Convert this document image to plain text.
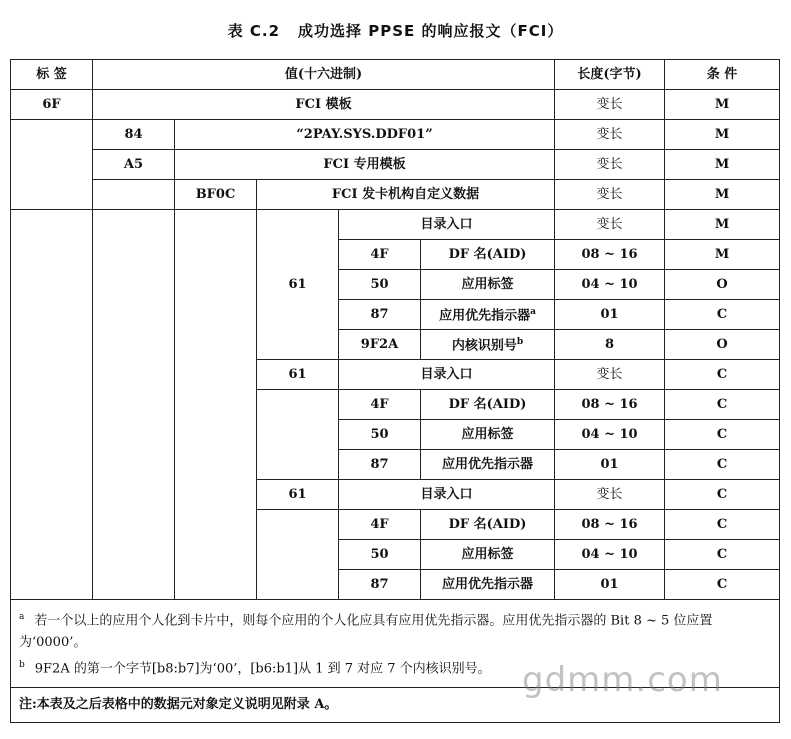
表 C.2 成功选择 PPSE 的响应报文（FCI）
标 签	值(十六进制)					长度(字节)	条 件
6F	FCI 模板					变长	M
	84	“2PAY.SYS.DDF01”				变长	M
	A5	FCI 专用模板				变长	M
		BF0C	FCI 发卡机构自定义数据			变长	M
			61	目录入口		变长	M
				4F	DF 名(AID)	08 ~ 16	M
				50	应用标签	04 ~ 10	O
				87	应用优先指示器$^a$	01	C
				9F2A	内核识别号$^b$	8	O
			61	目录入口		变长	C
				4F	DF 名(AID)	08 ~ 16	C
				50	应用标签	04 ~ 10	C
				87	应用优先指示器	01	C
			61	目录入口		变长	C
				4F	DF 名(AID)	08 ~ 16	C
				50	应用标签	04 ~ 10	C
				87	应用优先指示器	01	C

$^a$ 若一个以上的应用个人化到卡片中，则每个应用的个人化应具有应用优先指示器。应用优先指示器的 Bit 8 ~ 5 位应置为‘0000’。
$^b$ 9F2A 的第一个字节[b8:b7]为‘00’，[b6:b1]从 1 到 7 对应 7 个内核识别号。							

注:本表及之后表格中的数据元对象定义说明见附录 A。							
gdmm.com
